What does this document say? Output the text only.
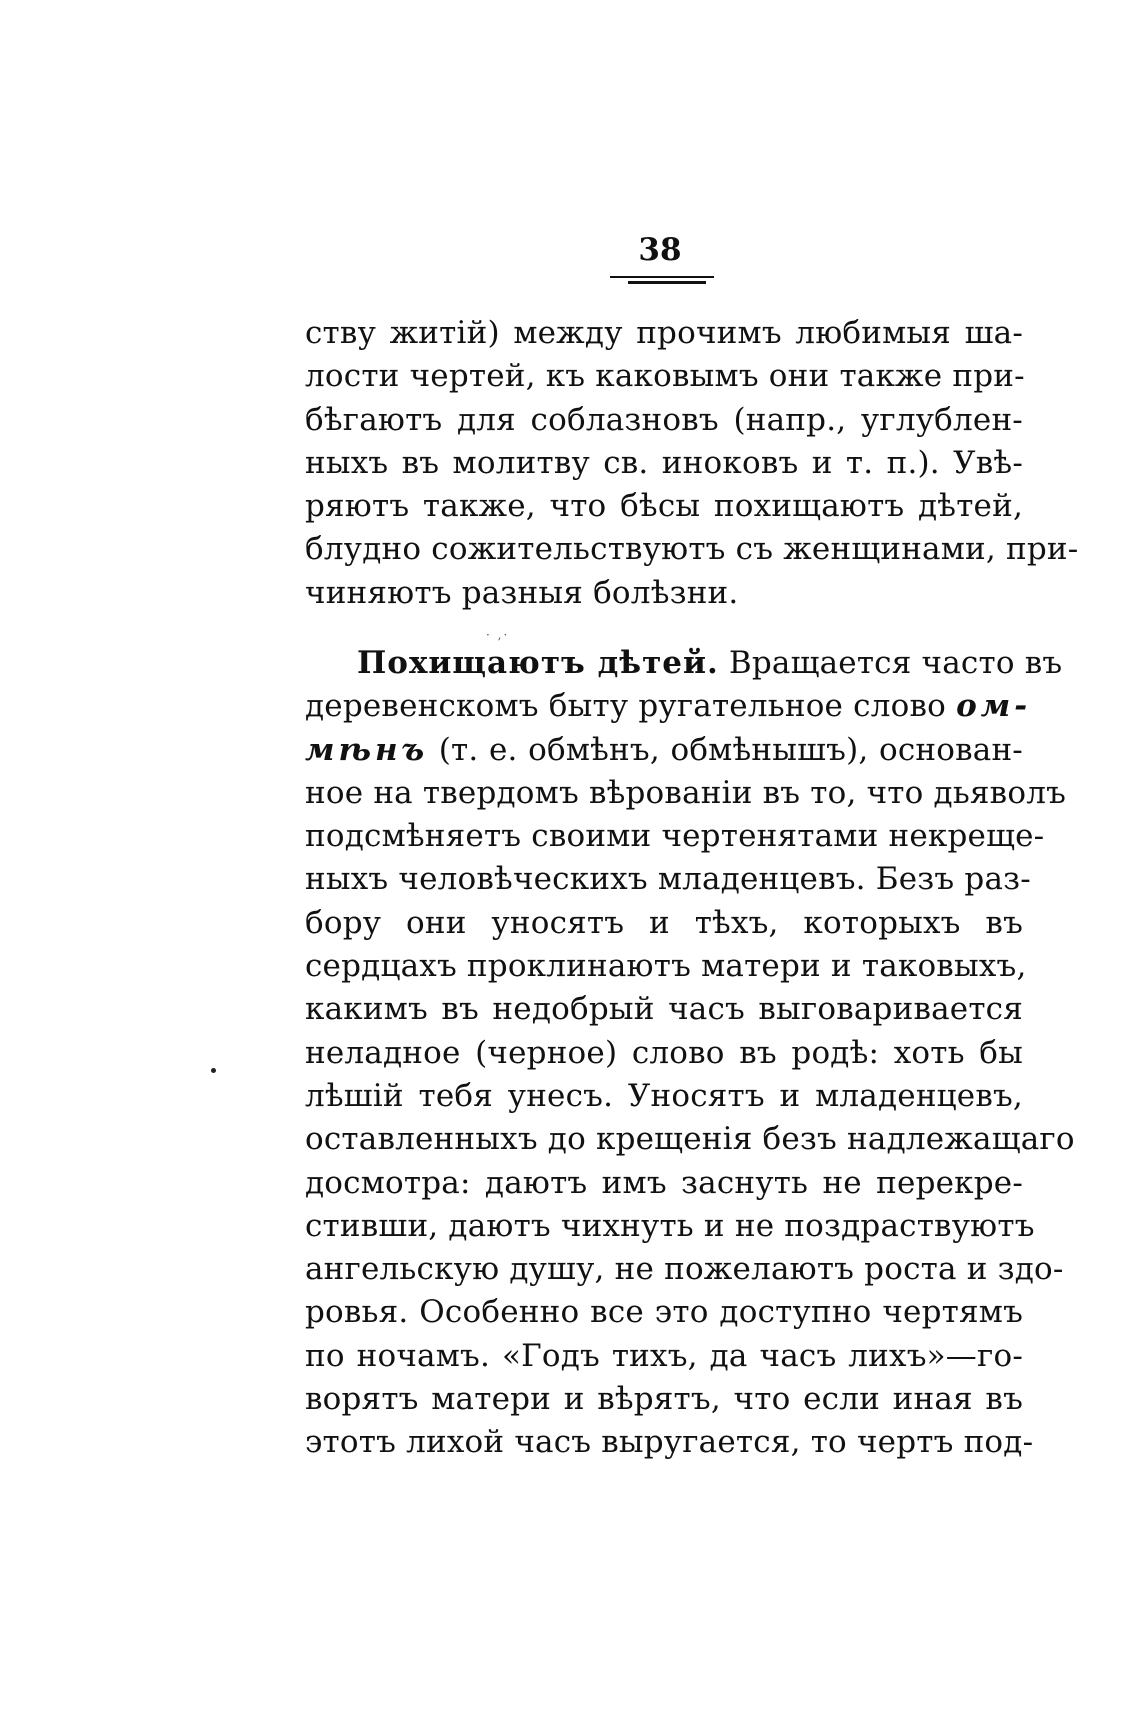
38
ству житій) между прочимъ любимыя ша-
лости чертей, къ каковымъ они также при-
бѣгаютъ для соблазновъ (напр., углублен-
ныхъ въ молитву св. иноковъ и т. п.). Увѣ-
ряютъ также, что бѣсы похищаютъ дѣтей,
блудно сожительствуютъ съ женщинами, при-
чиняютъ разныя болѣзни.
· ,·
Похищаютъ дѣтей. Вращается часто въ
деревенскомъ быту ругательное слово ом-
мѣнъ (т. е. обмѣнъ, обмѣнышъ), основан-
ное на твердомъ вѣрованіи въ то, что дьяволъ
подсмѣняетъ своими чертенятами некреще-
ныхъ человѣческихъ младенцевъ. Безъ раз-
бору они уносятъ и тѣхъ, которыхъ въ
сердцахъ проклинаютъ матери и таковыхъ,
какимъ въ недобрый часъ выговаривается
неладное (черное) слово въ родѣ: хоть бы
лѣшій тебя унесъ. Уносятъ и младенцевъ,
оставленныхъ до крещенія безъ надлежащаго
досмотра: даютъ имъ заснуть не перекре-
стивши, даютъ чихнуть и не поздраствуютъ
ангельскую душу, не пожелаютъ роста и здо-
ровья. Особенно все это доступно чертямъ
по ночамъ. «Годъ тихъ, да часъ лихъ»—го-
ворятъ матери и вѣрятъ, что если иная въ
этотъ лихой часъ выругается, то чертъ под-
